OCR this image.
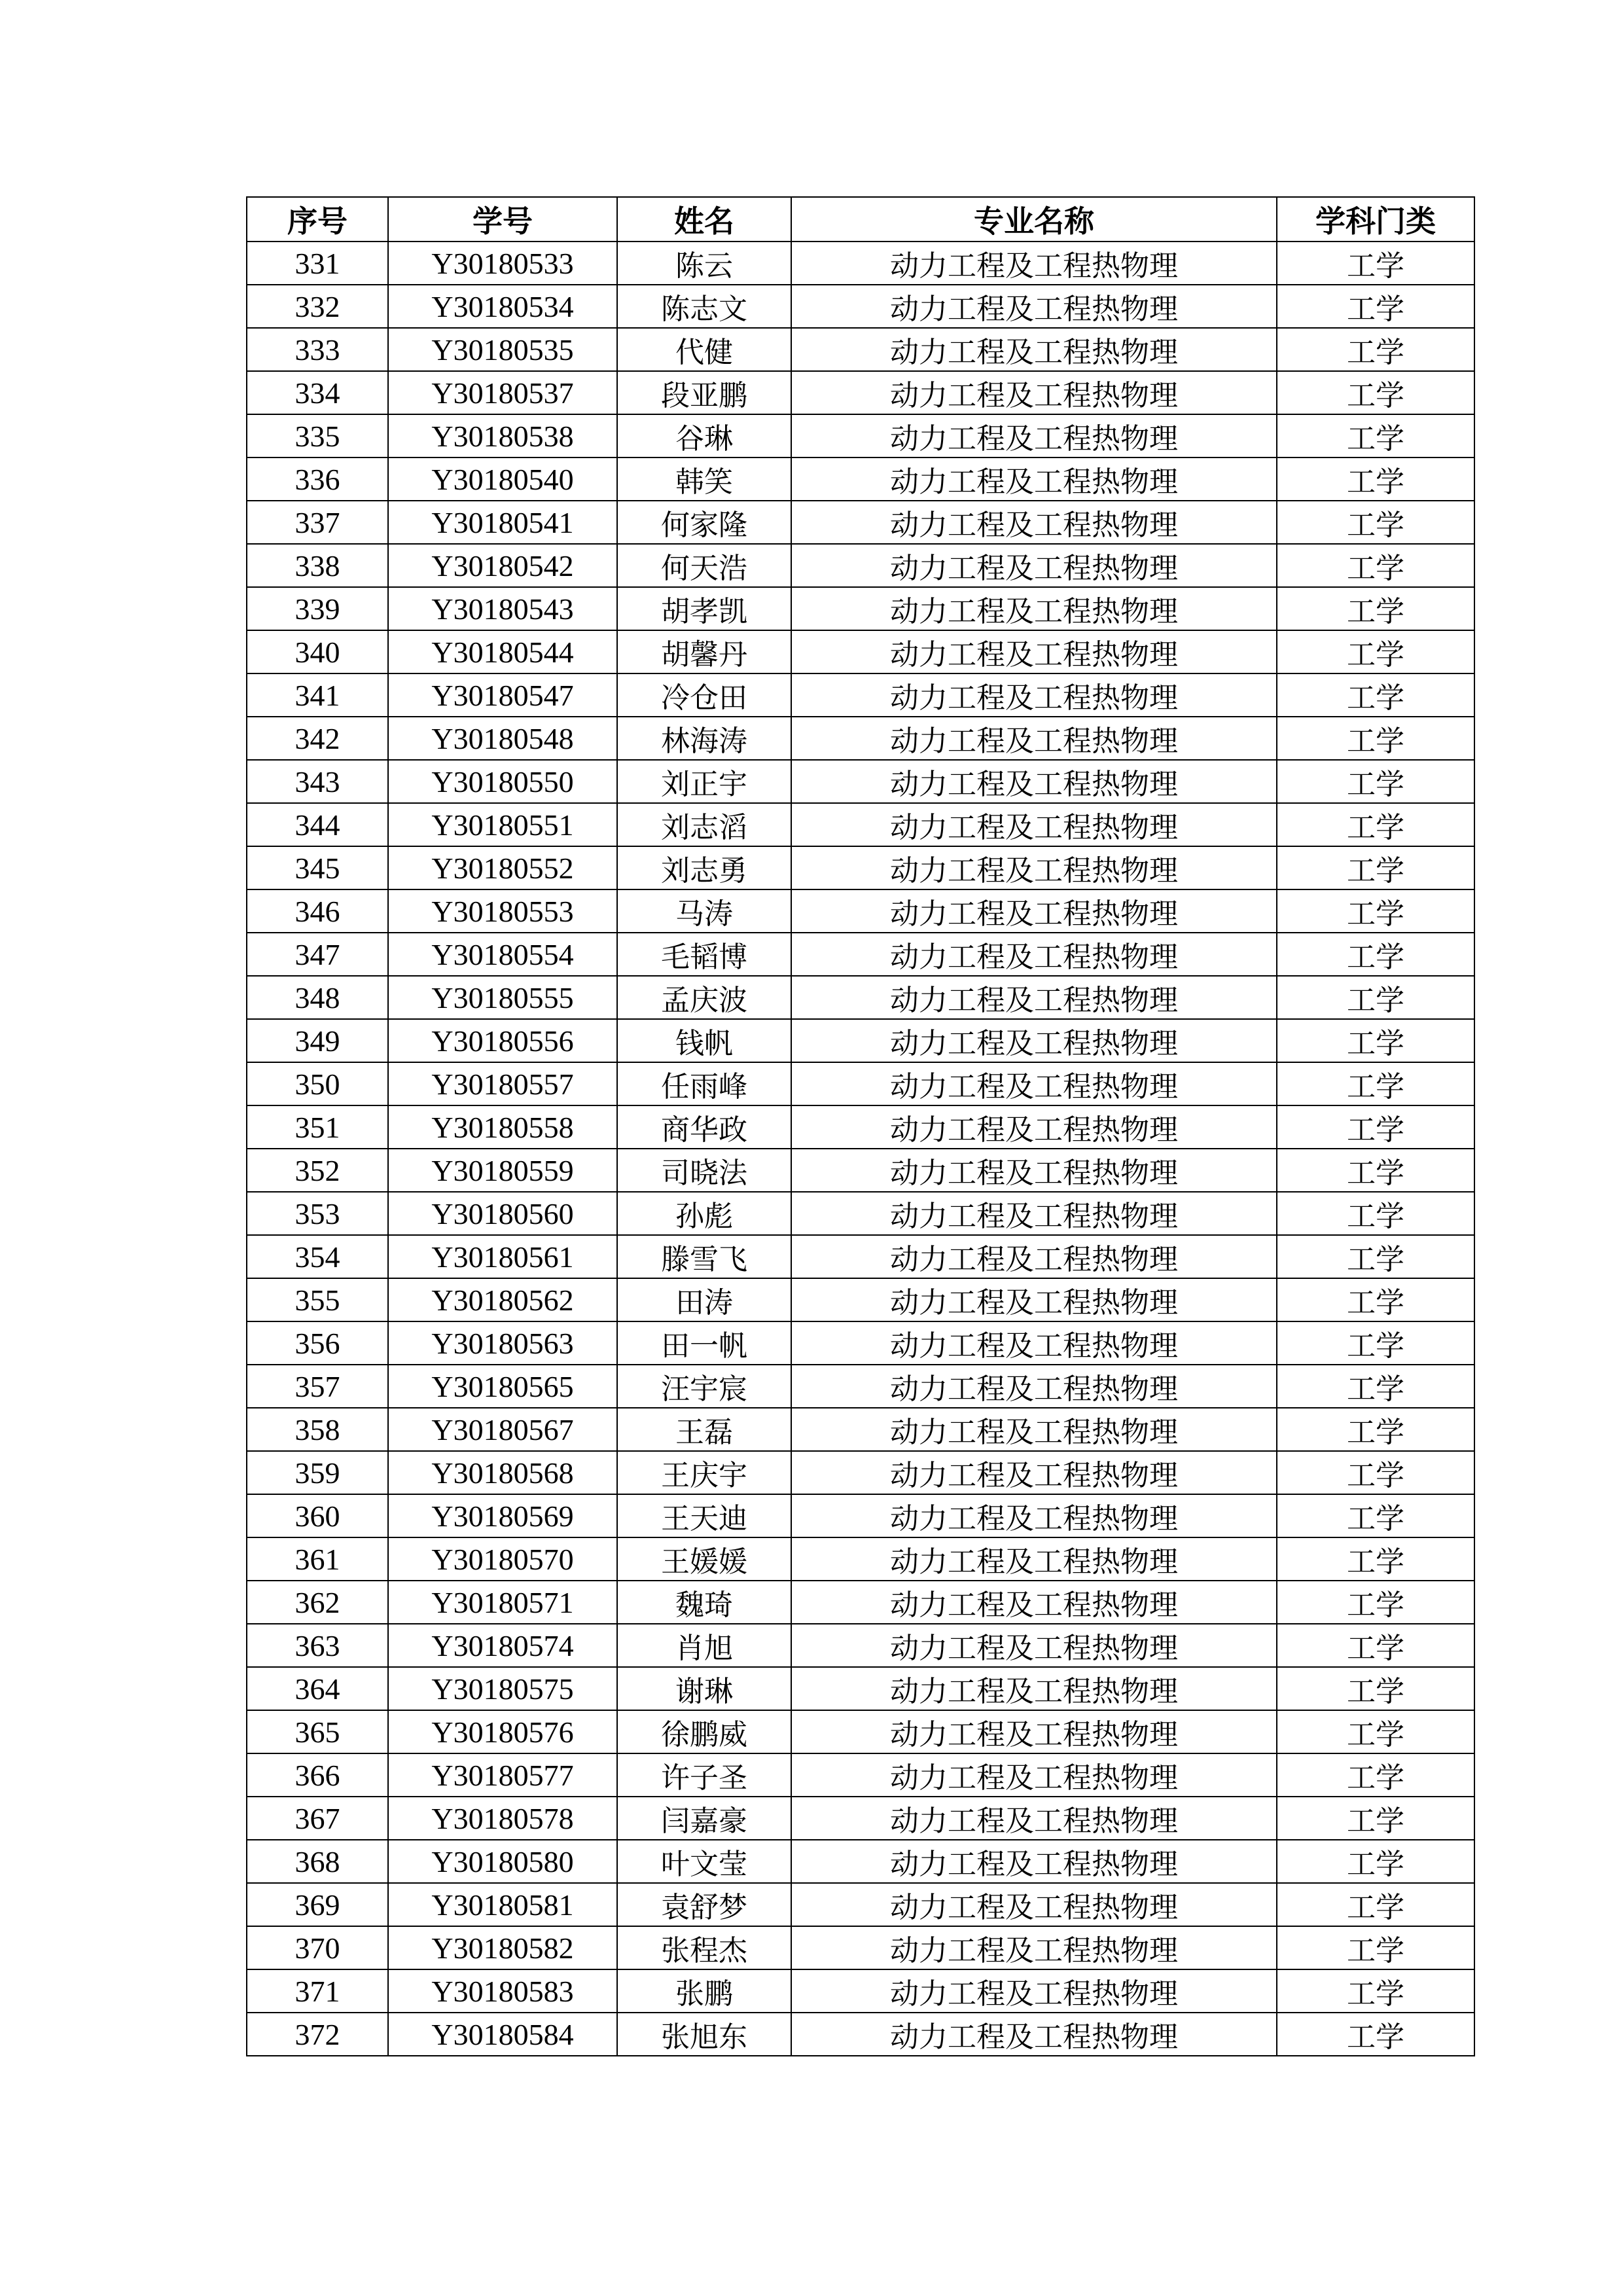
序号	学号	姓名	专业名称	学科门类
331	Y30180533	陈云	动力工程及工程热物理	工学
332	Y30180534	陈志文	动力工程及工程热物理	工学
333	Y30180535	代健	动力工程及工程热物理	工学
334	Y30180537	段亚鹏	动力工程及工程热物理	工学
335	Y30180538	谷琳	动力工程及工程热物理	工学
336	Y30180540	韩笑	动力工程及工程热物理	工学
337	Y30180541	何家隆	动力工程及工程热物理	工学
338	Y30180542	何天浩	动力工程及工程热物理	工学
339	Y30180543	胡孝凯	动力工程及工程热物理	工学
340	Y30180544	胡馨丹	动力工程及工程热物理	工学
341	Y30180547	冷仓田	动力工程及工程热物理	工学
342	Y30180548	林海涛	动力工程及工程热物理	工学
343	Y30180550	刘正宇	动力工程及工程热物理	工学
344	Y30180551	刘志滔	动力工程及工程热物理	工学
345	Y30180552	刘志勇	动力工程及工程热物理	工学
346	Y30180553	马涛	动力工程及工程热物理	工学
347	Y30180554	毛韬博	动力工程及工程热物理	工学
348	Y30180555	孟庆波	动力工程及工程热物理	工学
349	Y30180556	钱帆	动力工程及工程热物理	工学
350	Y30180557	任雨峰	动力工程及工程热物理	工学
351	Y30180558	商华政	动力工程及工程热物理	工学
352	Y30180559	司晓法	动力工程及工程热物理	工学
353	Y30180560	孙彪	动力工程及工程热物理	工学
354	Y30180561	滕雪飞	动力工程及工程热物理	工学
355	Y30180562	田涛	动力工程及工程热物理	工学
356	Y30180563	田一帆	动力工程及工程热物理	工学
357	Y30180565	汪宇宸	动力工程及工程热物理	工学
358	Y30180567	王磊	动力工程及工程热物理	工学
359	Y30180568	王庆宇	动力工程及工程热物理	工学
360	Y30180569	王天迪	动力工程及工程热物理	工学
361	Y30180570	王媛媛	动力工程及工程热物理	工学
362	Y30180571	魏琦	动力工程及工程热物理	工学
363	Y30180574	肖旭	动力工程及工程热物理	工学
364	Y30180575	谢琳	动力工程及工程热物理	工学
365	Y30180576	徐鹏威	动力工程及工程热物理	工学
366	Y30180577	许子圣	动力工程及工程热物理	工学
367	Y30180578	闫嘉豪	动力工程及工程热物理	工学
368	Y30180580	叶文莹	动力工程及工程热物理	工学
369	Y30180581	袁舒梦	动力工程及工程热物理	工学
370	Y30180582	张程杰	动力工程及工程热物理	工学
371	Y30180583	张鹏	动力工程及工程热物理	工学
372	Y30180584	张旭东	动力工程及工程热物理	工学
